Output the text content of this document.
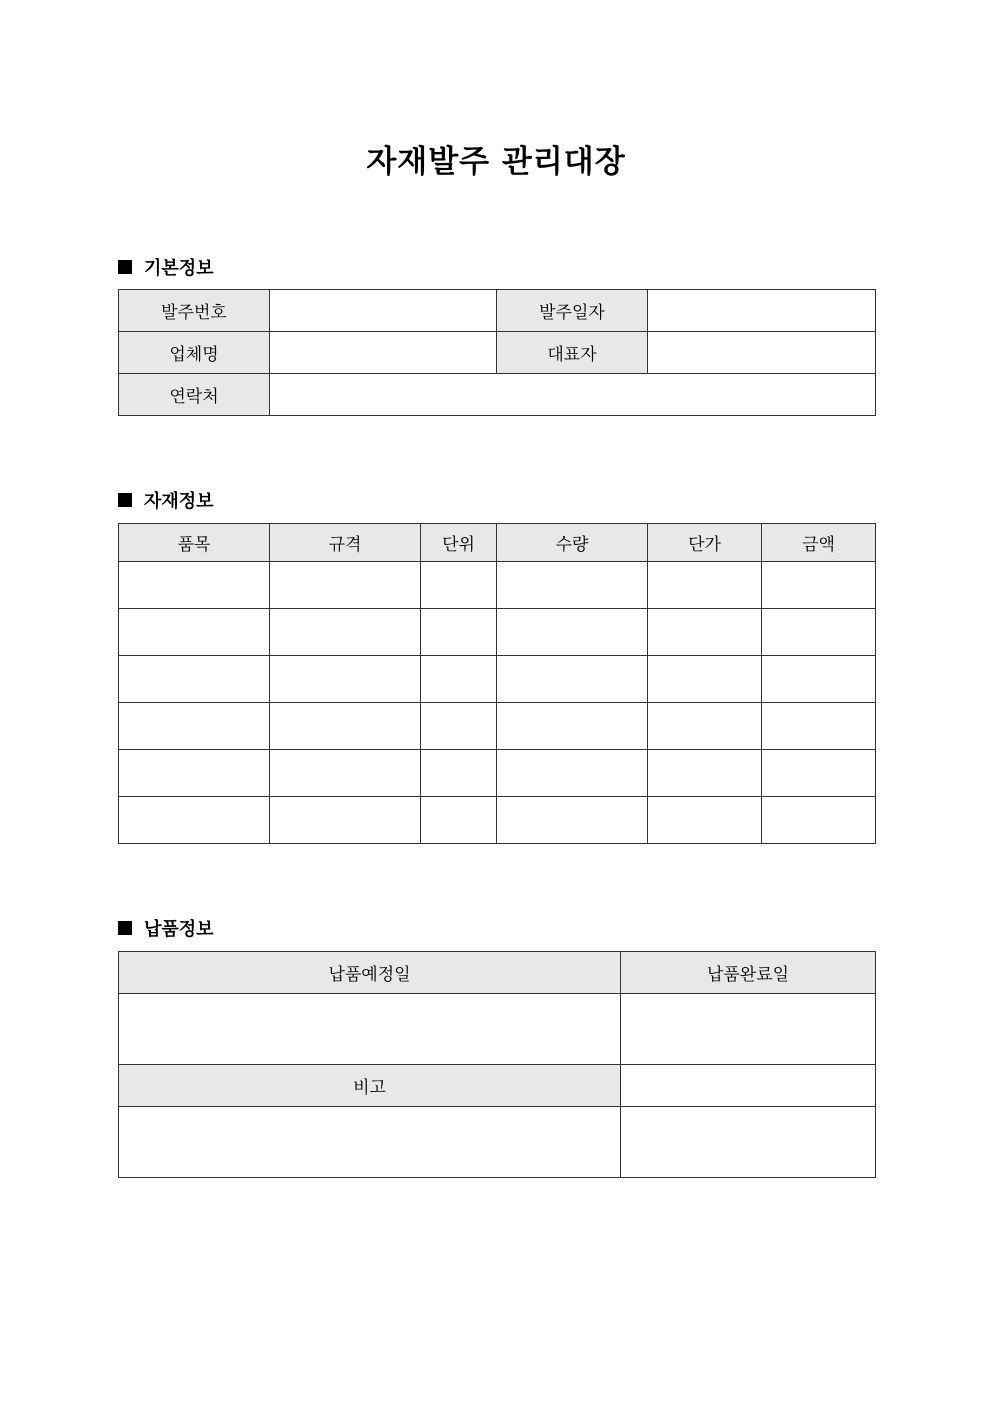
자재발주 관리대장
기본정보
발주번호		발주일자	
업체명		대표자	
연락처			
자재정보
품목	규격	단위	수량	단가	금액

납품정보
납품예정일	납품완료일

비고	
